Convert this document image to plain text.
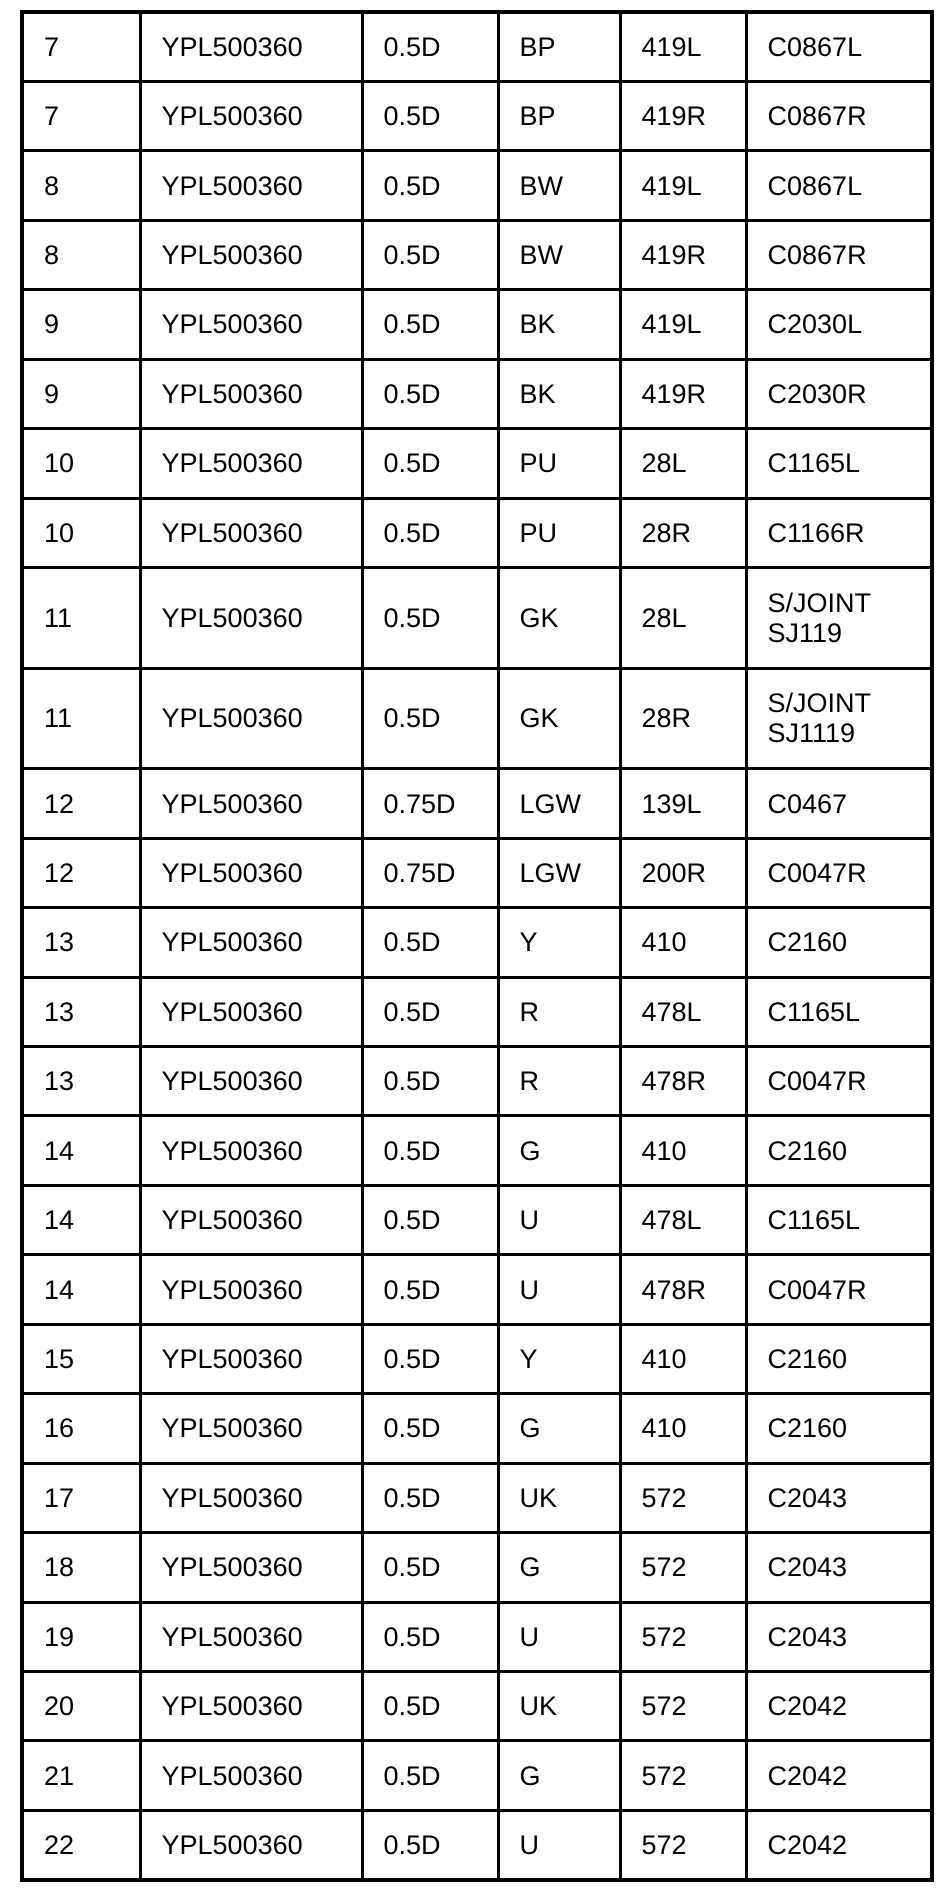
7	YPL500360	0.5D	BP	419L	C0867L
7	YPL500360	0.5D	BP	419R	C0867R
8	YPL500360	0.5D	BW	419L	C0867L
8	YPL500360	0.5D	BW	419R	C0867R
9	YPL500360	0.5D	BK	419L	C2030L
9	YPL500360	0.5D	BK	419R	C2030R
10	YPL500360	0.5D	PU	28L	C1165L
10	YPL500360	0.5D	PU	28R	C1166R
11	YPL500360	0.5D	GK	28L	S/JOINT
SJ119
11	YPL500360	0.5D	GK	28R	S/JOINT
SJ1119
12	YPL500360	0.75D	LGW	139L	C0467
12	YPL500360	0.75D	LGW	200R	C0047R
13	YPL500360	0.5D	Y	410	C2160
13	YPL500360	0.5D	R	478L	C1165L
13	YPL500360	0.5D	R	478R	C0047R
14	YPL500360	0.5D	G	410	C2160
14	YPL500360	0.5D	U	478L	C1165L
14	YPL500360	0.5D	U	478R	C0047R
15	YPL500360	0.5D	Y	410	C2160
16	YPL500360	0.5D	G	410	C2160
17	YPL500360	0.5D	UK	572	C2043
18	YPL500360	0.5D	G	572	C2043
19	YPL500360	0.5D	U	572	C2043
20	YPL500360	0.5D	UK	572	C2042
21	YPL500360	0.5D	G	572	C2042
22	YPL500360	0.5D	U	572	C2042
